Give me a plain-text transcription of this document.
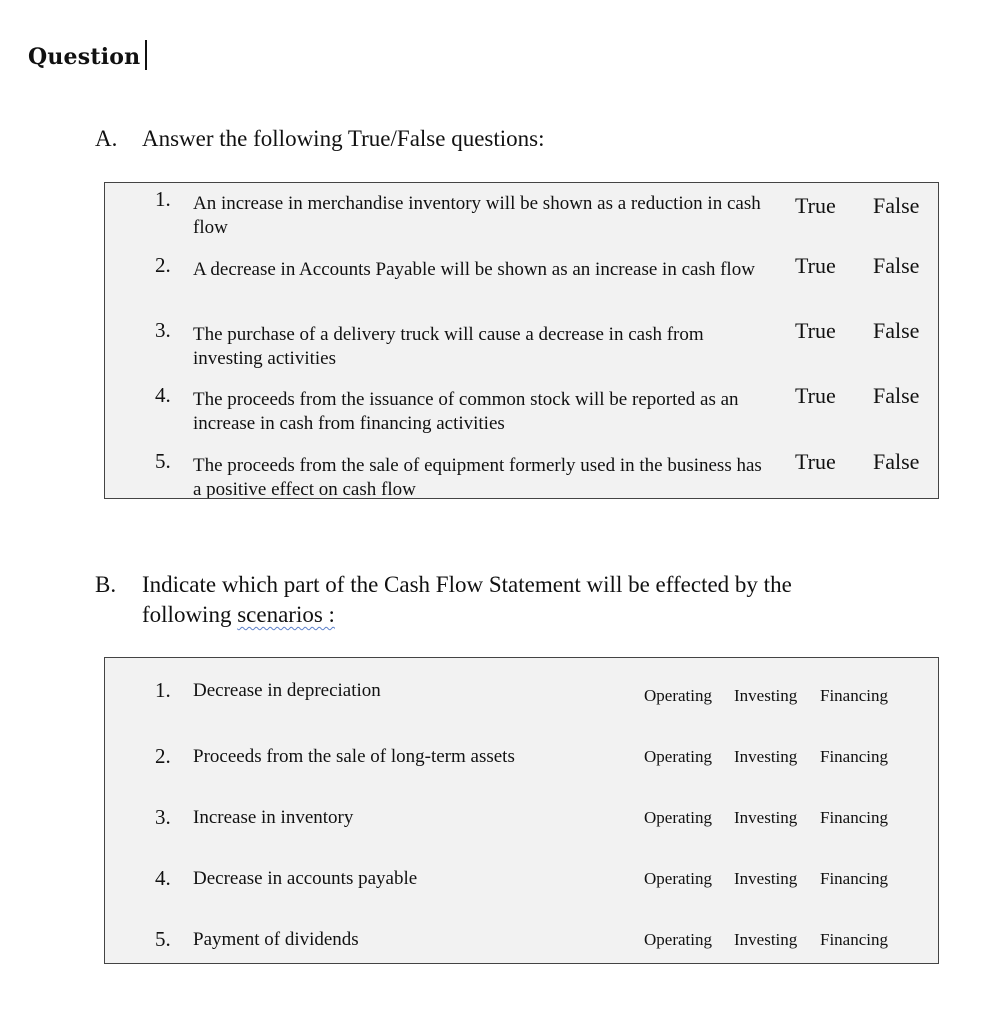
Question
A. Answer the following True/False questions:
1. An increase in merchandise inventory will be shown as a reduction in cash flow
True False
2. A decrease in Accounts Payable will be shown as an increase in cash flow	True False
3. The purchase of a delivery truck will cause a decrease in cash from investing activities
True False
4. The proceeds from the issuance of common stock will be reported as an increase in cash from financing activities
True False
5. The proceeds from the sale of equipment formerly used in the business has a positive effect on cash flow
True False
B. Indicate which part of the Cash Flow Statement will be effected by the following scenarios :
1. Decrease in depreciation	Operating Investing Financing
2. Proceeds from the sale of long-term assets	Operating Investing Financing
3. Increase in inventory	Operating Investing Financing
4. Decrease in accounts payable	Operating Investing Financing
5. Payment of dividends	Operating Investing Financing
